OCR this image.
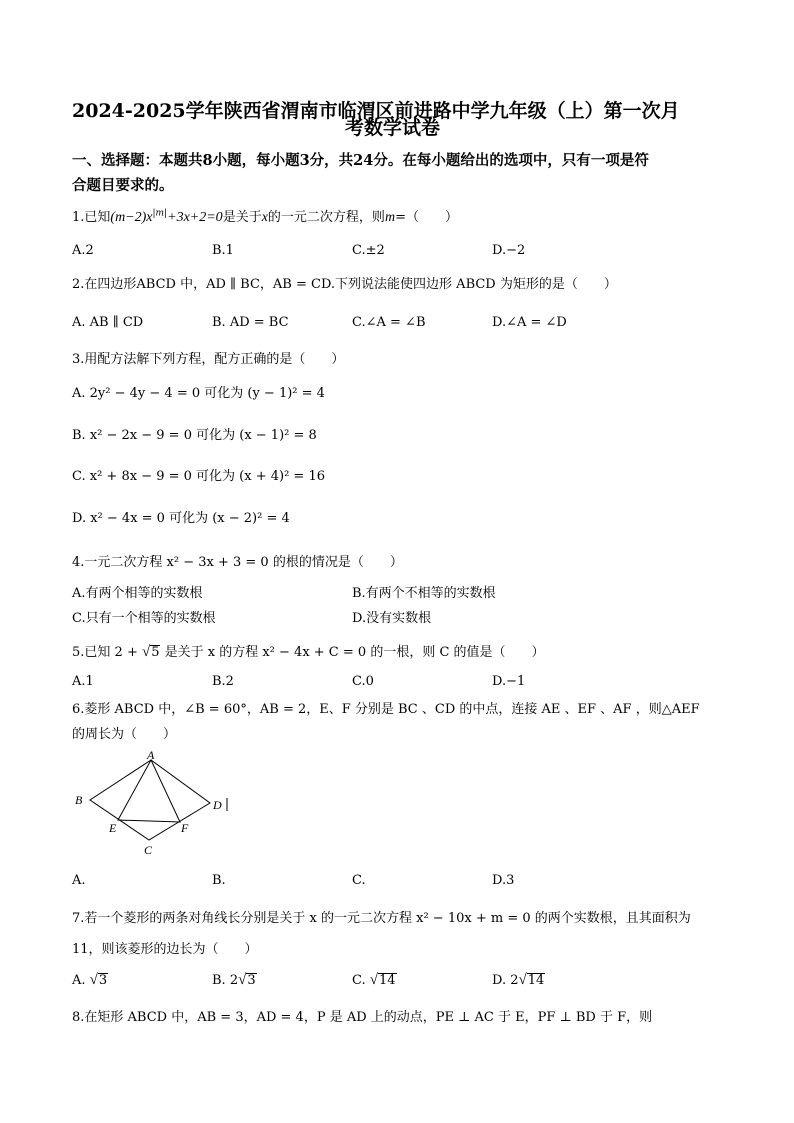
2024-2025学年陕西省渭南市临渭区前进路中学九年级（上）第一次月
考数学试卷
一、选择题：本题共8小题，每小题3分，共24分。在每小题给出的选项中，只有一项是符
合题目要求的。
1.已知$(m-2)x^{|m|}+3x+2=0$是关于x的一元二次方程，则m=（　　）
A.2	B.1	C.±2	D.−2
2.在四边形ABCD 中，AD ∥ BC，AB = CD.下列说法能使四边形 ABCD 为矩形的是（　　）
A. AB ∥ CD	B. AD = BC	C.∠A = ∠B	D.∠A = ∠D
3.用配方法解下列方程，配方正确的是（　　）
A. 2y² − 4y − 4 = 0 可化为 (y − 1)² = 4
B. x² − 2x − 9 = 0 可化为 (x − 1)² = 8
C. x² + 8x − 9 = 0 可化为 (x + 4)² = 16
D. x² − 4x = 0 可化为 (x − 2)² = 4
4.一元二次方程 x² − 3x + 3 = 0 的根的情况是（　　）
A.有两个相等的实数根	B.有两个不相等的实数根
C.只有一个相等的实数根	D.没有实数根
5.已知 2 + √5 是关于 x 的方程 x² − 4x + C = 0 的一根，则 C 的值是（　　）
A.1	B.2	C.0	D.−1
6.菱形 ABCD 中，∠B = 60°，AB = 2，E、F 分别是 BC 、CD 的中点，连接 AE 、EF 、AF ，则△AEF
的周长为（　　）
A
B
C
D
E	F
A.	B.	C.	D.3
7.若一个菱形的两条对角线长分别是关于 x 的一元二次方程 x² − 10x + m = 0 的两个实数根，且其面积为
11，则该菱形的边长为（　　）
A. √3	B. 2√3	C. √14	D. 2√14
8.在矩形 ABCD 中，AB = 3，AD = 4，P 是 AD 上的动点，PE ⊥ AC 于 E，PF ⊥ BD 于 F，则
